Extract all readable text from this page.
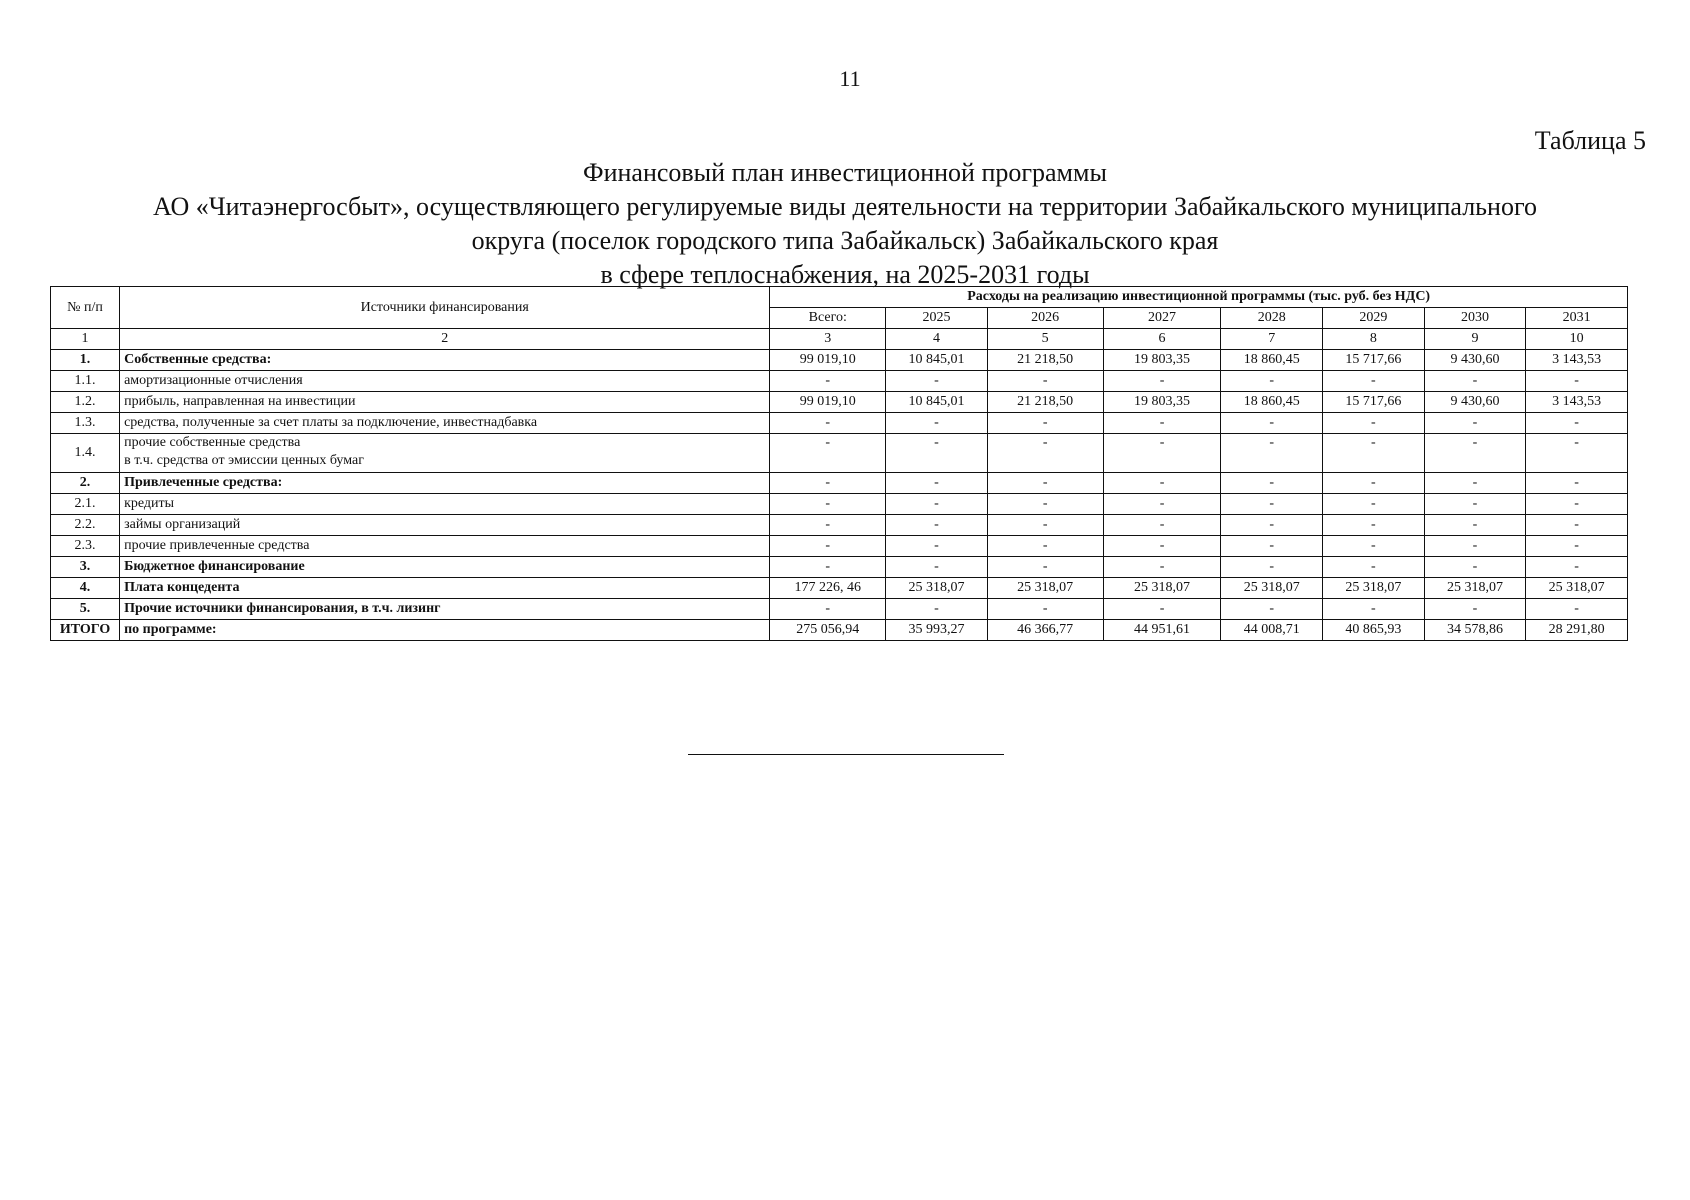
11
Таблица 5
Финансовый план инвестиционной программы
АО «Читаэнергосбыт», осуществляющего регулируемые виды деятельности на территории Забайкальского муниципального
округа (поселок городского типа Забайкальск) Забайкальского края
в сфере теплоснабжения, на 2025-2031 годы
№ п/п	Источники финансирования	Расходы на реализацию инвестиционной программы (тыс. руб. без НДС)							
		Всего:	2025	2026	2027	2028	2029	2030	2031
1	2	3	4	5	6	7	8	9	10
1.	Собственные средства:	99 019,10	10 845,01	21 218,50	19 803,35	18 860,45	15 717,66	9 430,60	3 143,53
1.1.	амортизационные отчисления	-	-	-	-	-	-	-	-
1.2.	прибыль, направленная на инвестиции	99 019,10	10 845,01	21 218,50	19 803,35	18 860,45	15 717,66	9 430,60	3 143,53
1.3.	средства, полученные за счет платы за подключение, инвестнадбавка	-	-	-	-	-	-	-	-
1.4.	прочие собственные средства
в т.ч. средства от эмиссии ценных бумаг	-	-	-	-	-	-	-	-
2.	Привлеченные средства:	-	-	-	-	-	-	-	-
2.1.	кредиты	-	-	-	-	-	-	-	-
2.2.	займы организаций	-	-	-	-	-	-	-	-
2.3.	прочие привлеченные средства	-	-	-	-	-	-	-	-
3.	Бюджетное финансирование	-	-	-	-	-	-	-	-
4.	Плата концедента	177 226, 46	25 318,07	25 318,07	25 318,07	25 318,07	25 318,07	25 318,07	25 318,07
5.	Прочие источники финансирования, в т.ч. лизинг	-	-	-	-	-	-	-	-
ИТОГО	по программе:	275 056,94	35 993,27	46 366,77	44 951,61	44 008,71	40 865,93	34 578,86	28 291,80
